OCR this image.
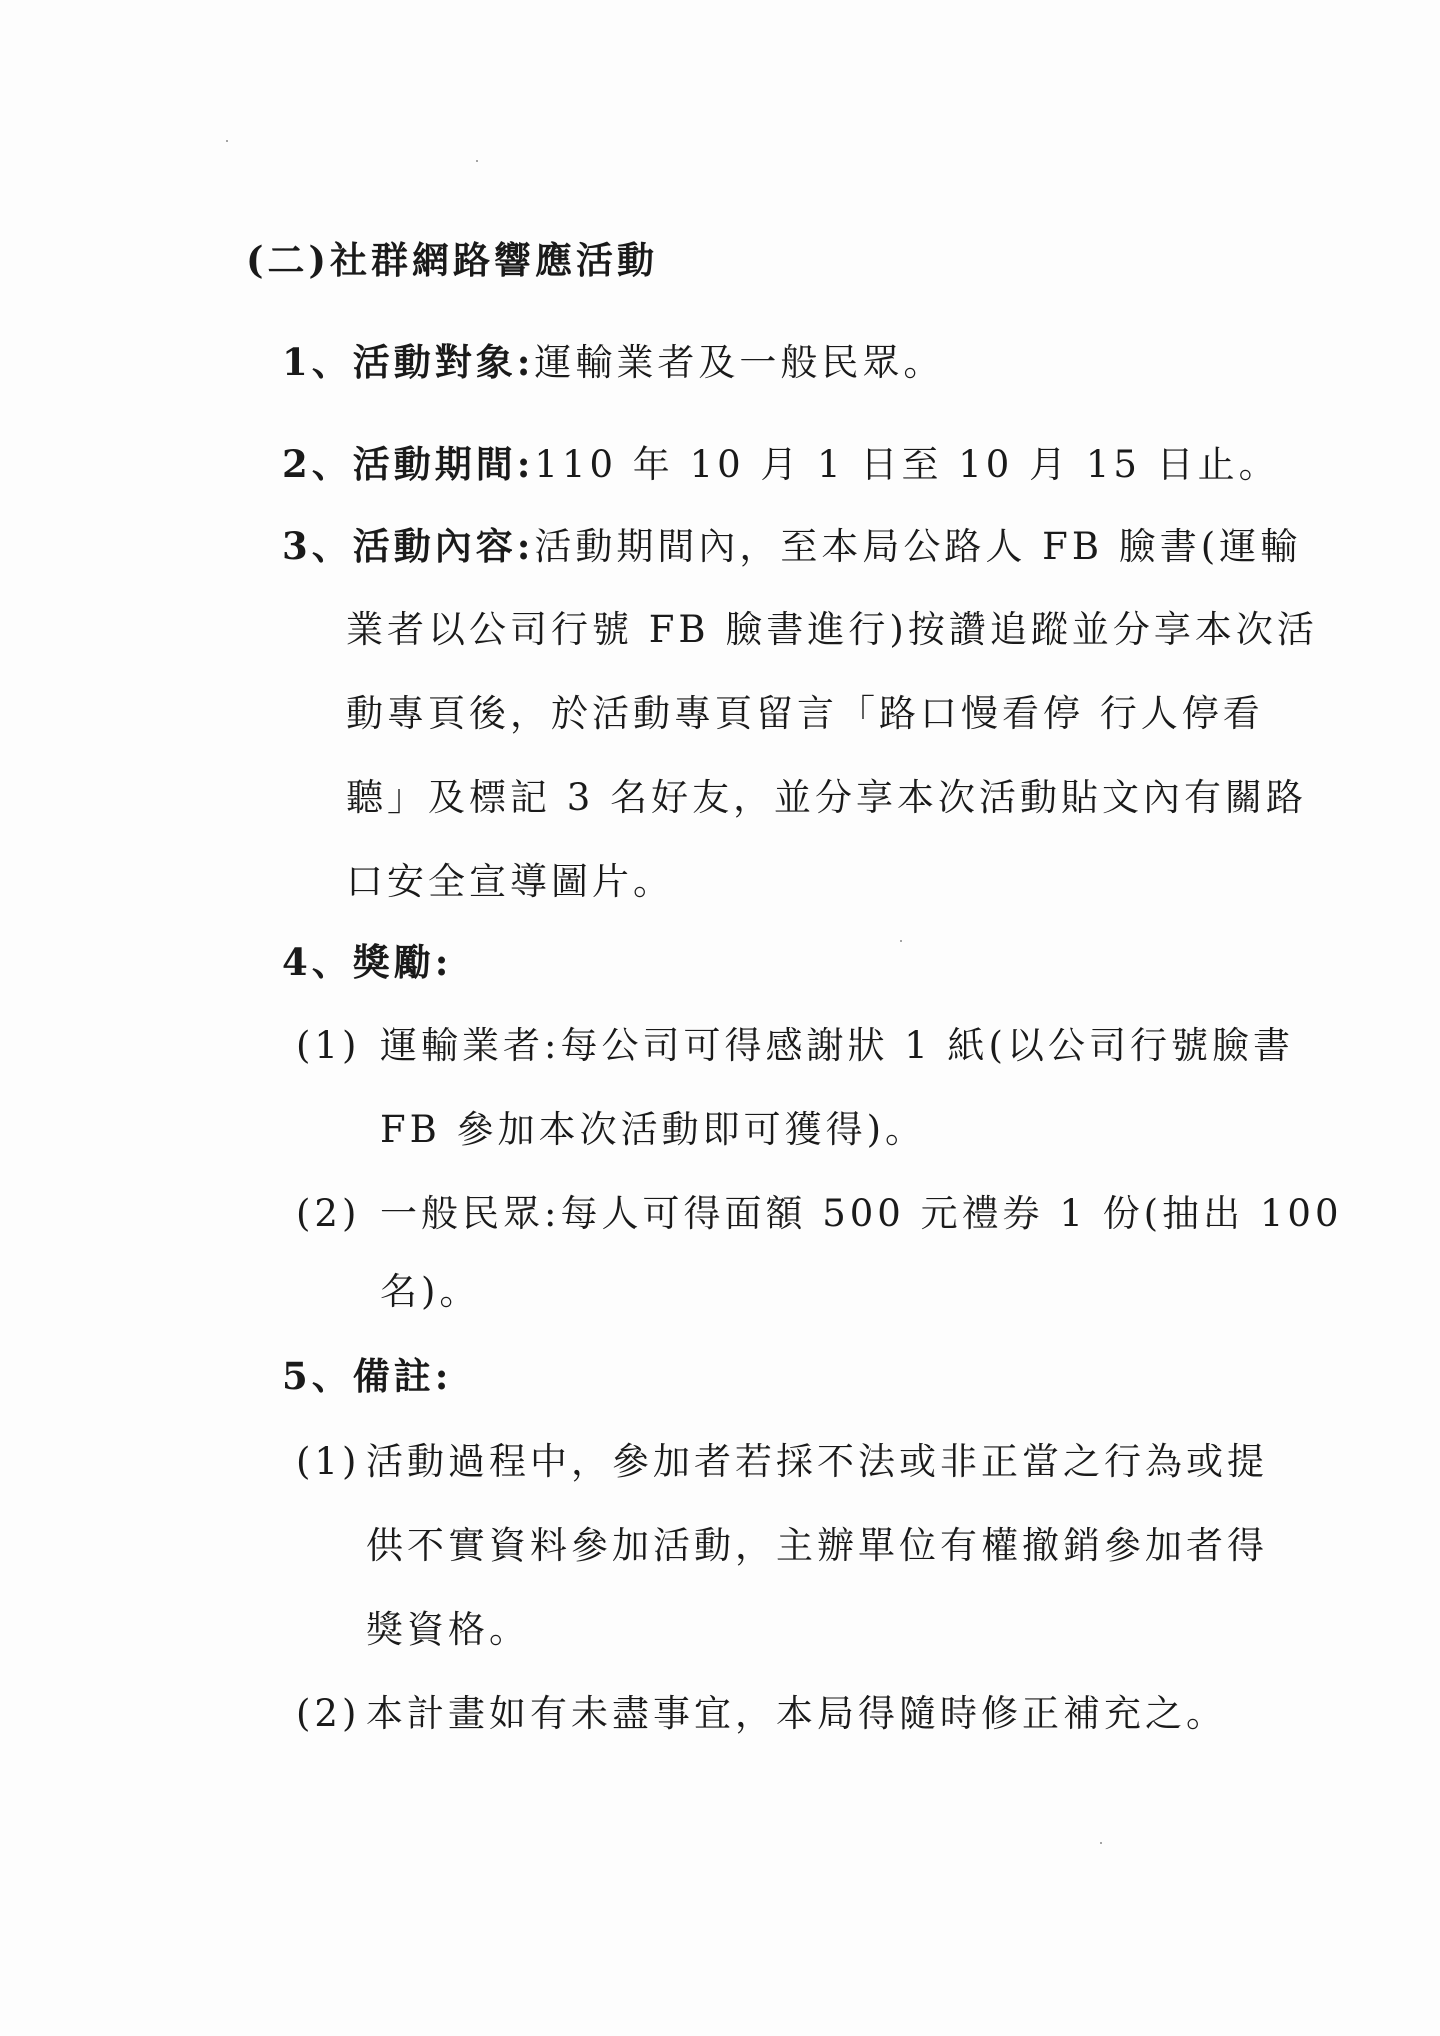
(二)社群網路響應活動
1、活動對象:運輸業者及一般民眾。
2、活動期間:110 年 10 月 1 日至 10 月 15 日止。
3、活動內容:活動期間內，至本局公路人 FB 臉書(運輸
業者以公司行號 FB 臉書進行)按讚追蹤並分享本次活
動專頁後，於活動專頁留言「路口慢看停 行人停看
聽」及標記 3 名好友，並分享本次活動貼文內有關路
口安全宣導圖片。
4、獎勵:
(1) 運輸業者:每公司可得感謝狀 1 紙(以公司行號臉書
FB 參加本次活動即可獲得)。
(2) 一般民眾:每人可得面額 500 元禮券 1 份(抽出 100
名)。
5、備註:
(1) 活動過程中，參加者若採不法或非正當之行為或提
供不實資料參加活動，主辦單位有權撤銷參加者得
獎資格。
(2) 本計畫如有未盡事宜，本局得隨時修正補充之。
